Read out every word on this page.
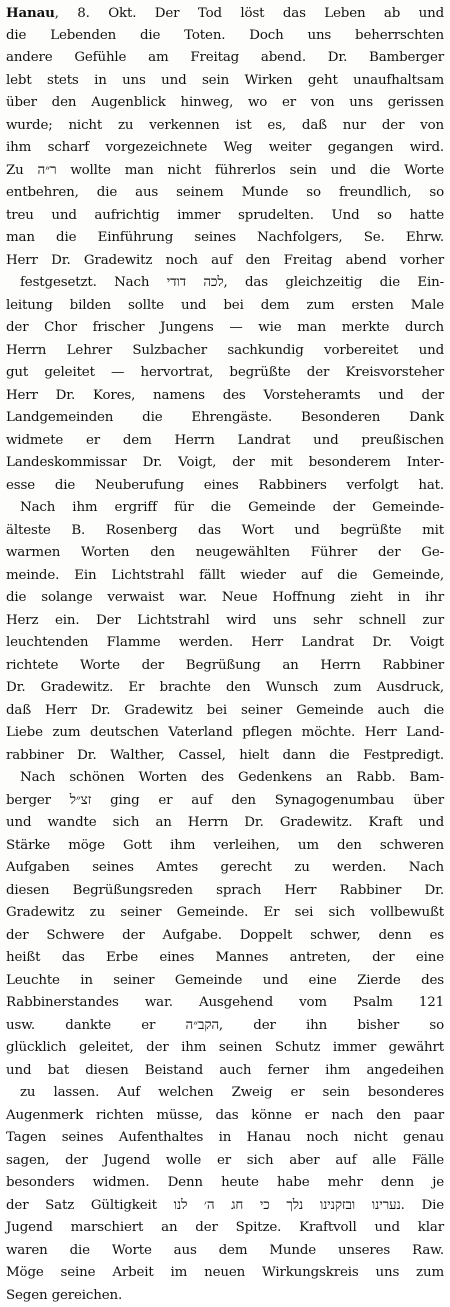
Hanau, 8. Okt. Der Tod löst das Leben ab und
die Lebenden die Toten. Doch uns beherrschten
andere Gefühle am Freitag abend. Dr. Bamberger
lebt stets in uns und sein Wirken geht unaufhaltsam
über den Augenblick hinweg, wo er von uns gerissen
wurde; nicht zu verkennen ist es, daß nur der von
ihm scharf vorgezeichnete Weg weiter gegangen wird.
Zu ר״ה wollte man nicht führerlos sein und die Worte
entbehren, die aus seinem Munde so freundlich, so
treu und aufrichtig immer sprudelten. Und so hatte
man die Einführung seines Nachfolgers, Se. Ehrw.
Herr Dr. Gradewitz noch auf den Freitag abend vorher
festgesetzt. Nach לכה דודי, das gleichzeitig die Ein-
leitung bilden sollte und bei dem zum ersten Male
der Chor frischer Jungens — wie man merkte durch
Herrn Lehrer Sulzbacher sachkundig vorbereitet und
gut geleitet — hervortrat, begrüßte der Kreisvorsteher
Herr Dr. Kores, namens des Vorsteheramts und der
Landgemeinden die Ehrengäste. Besonderen Dank
widmete er dem Herrn Landrat und preußischen
Landeskommissar Dr. Voigt, der mit besonderem Inter-
esse die Neuberufung eines Rabbiners verfolgt hat.
Nach ihm ergriff für die Gemeinde der Gemeinde-
älteste B. Rosenberg das Wort und begrüßte mit
warmen Worten den neugewählten Führer der Ge-
meinde. Ein Lichtstrahl fällt wieder auf die Gemeinde,
die solange verwaist war. Neue Hoffnung zieht in ihr
Herz ein. Der Lichtstrahl wird uns sehr schnell zur
leuchtenden Flamme werden. Herr Landrat Dr. Voigt
richtete Worte der Begrüßung an Herrn Rabbiner
Dr. Gradewitz. Er brachte den Wunsch zum Ausdruck,
daß Herr Dr. Gradewitz bei seiner Gemeinde auch die
Liebe zum deutschen Vaterland pflegen möchte. Herr Land-
rabbiner Dr. Walther, Cassel, hielt dann die Festpredigt.
Nach schönen Worten des Gedenkens an Rabb. Bam-
berger זצ״ל ging er auf den Synagogenumbau über
und wandte sich an Herrn Dr. Gradewitz. Kraft und
Stärke möge Gott ihm verleihen, um den schweren
Aufgaben seines Amtes gerecht zu werden. Nach
diesen Begrüßungsreden sprach Herr Rabbiner Dr.
Gradewitz zu seiner Gemeinde. Er sei sich vollbewußt
der Schwere der Aufgabe. Doppelt schwer, denn es
heißt das Erbe eines Mannes antreten, der eine
Leuchte in seiner Gemeinde und eine Zierde des
Rabbinerstandes war. Ausgehend vom Psalm 121
usw. dankte er הקב״ה, der ihn bisher so
glücklich geleitet, der ihm seinen Schutz immer gewährt
und bat diesen Beistand auch ferner ihm angedeihen
zu lassen. Auf welchen Zweig er sein besonderes
Augenmerk richten müsse, das könne er nach den paar
Tagen seines Aufenthaltes in Hanau noch nicht genau
sagen, der Jugend wolle er sich aber auf alle Fälle
besonders widmen. Denn heute habe mehr denn je
der Satz Gültigkeit נערינו ובזקנינו נלך כי חג ה׳ לנו. Die
Jugend marschiert an der Spitze. Kraftvoll und klar
waren die Worte aus dem Munde unseres Raw.
Möge seine Arbeit im neuen Wirkungskreis uns zum
Segen gereichen.
